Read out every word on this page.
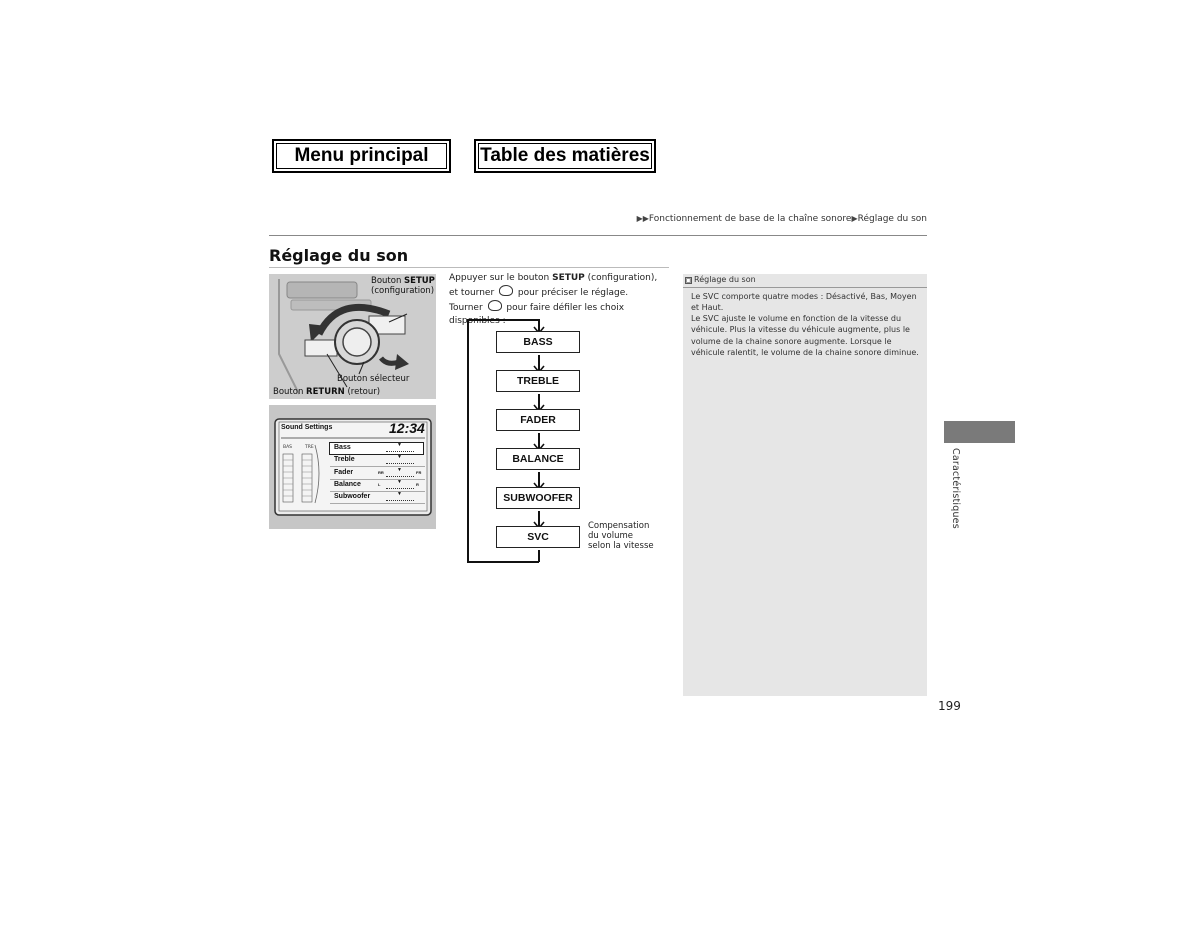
Menu principal	Table des matières
▶▶Fonctionnement de base de la chaîne sonore▶Réglage du son
Réglage du son
Bouton SETUP
(configuration)
Bouton sélecteur
Bouton RETURN (retour)
Sound Settings	12:34
BAS	TRE	Bass	▼
Treble	▼
Fader	▼
RR	FR
Balance	▼
L	R
Subwoofer	▼
Appuyer sur le bouton SETUP (configuration), et tourner  pour préciser le réglage. Tourner  pour faire défiler les choix disponibles :
BASS
TREBLE
FADER
BALANCE
SUBWOOFER
SVC
Compensation
du volume
selon la vitesse
▣ Réglage du son
Le SVC comporte quatre modes : Désactivé, Bas, Moyen et Haut.
Le SVC ajuste le volume en fonction de la vitesse du véhicule. Plus la vitesse du véhicule augmente, plus le volume de la chaine sonore augmente. Lorsque le véhicule ralentit, le volume de la chaine sonore diminue.
199
Caractéristiques
